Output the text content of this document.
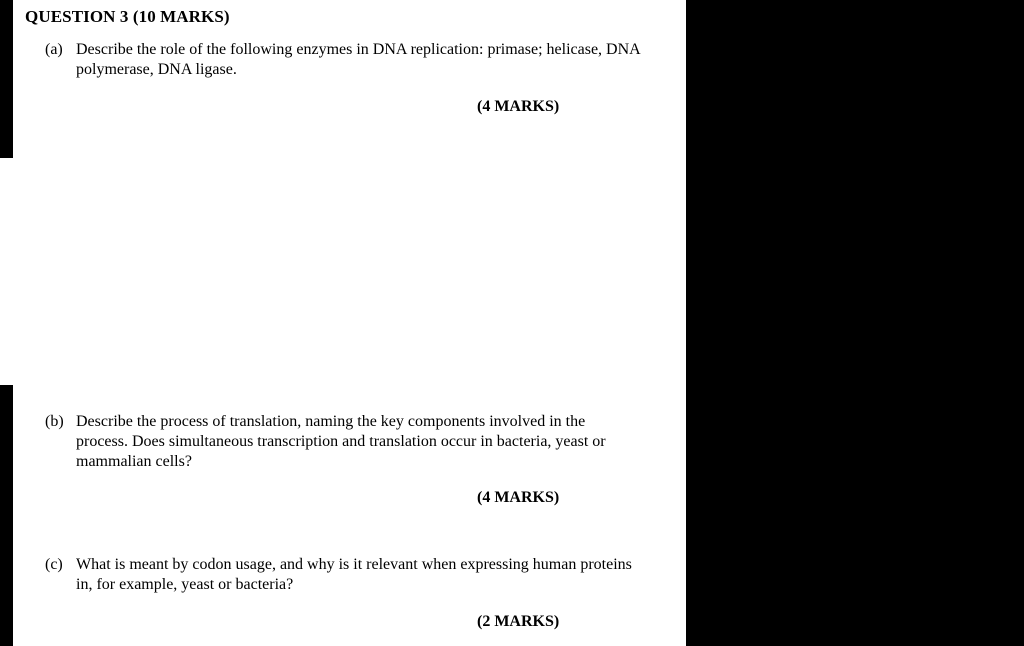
QUESTION 3 (10 MARKS)
(a) Describe the role of the following enzymes in DNA replication: primase; helicase, DNA polymerase, DNA ligase.
(4 MARKS)
(b) Describe the process of translation, naming the key components involved in the process. Does simultaneous transcription and translation occur in bacteria, yeast or mammalian cells?
(4 MARKS)
(c) What is meant by codon usage, and why is it relevant when expressing human proteins in, for example, yeast or bacteria?
(2 MARKS)
